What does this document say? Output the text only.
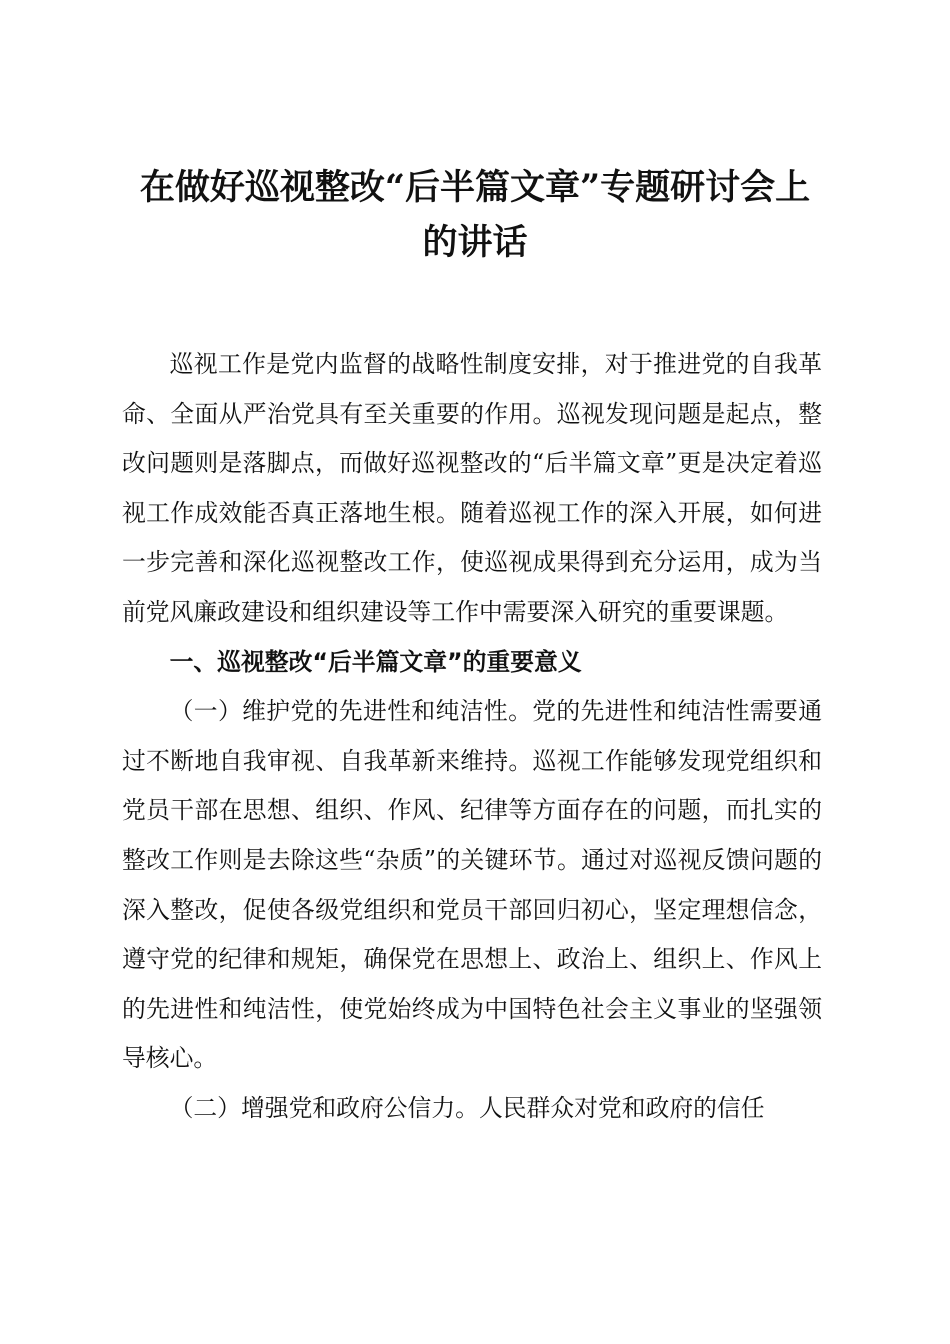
在做好巡视整改“后半篇文章”专题研讨会上
的讲话

巡视工作是党内监督的战略性制度安排，对于推进党的自我革命、全面从严治党具有至关重要的作用。巡视发现问题是起点，整改问题则是落脚点，而做好巡视整改的“后半篇文章”更是决定着巡视工作成效能否真正落地生根。随着巡视工作的深入开展，如何进一步完善和深化巡视整改工作，使巡视成果得到充分运用，成为当前党风廉政建设和组织建设等工作中需要深入研究的重要课题。

一、巡视整改“后半篇文章”的重要意义

（一）维护党的先进性和纯洁性。党的先进性和纯洁性需要通过不断地自我审视、自我革新来维持。巡视工作能够发现党组织和党员干部在思想、组织、作风、纪律等方面存在的问题，而扎实的整改工作则是去除这些“杂质”的关键环节。通过对巡视反馈问题的深入整改，促使各级党组织和党员干部回归初心，坚定理想信念，遵守党的纪律和规矩，确保党在思想上、政治上、组织上、作风上的先进性和纯洁性，使党始终成为中国特色社会主义事业的坚强领导核心。

（二）增强党和政府公信力。人民群众对党和政府的信任
